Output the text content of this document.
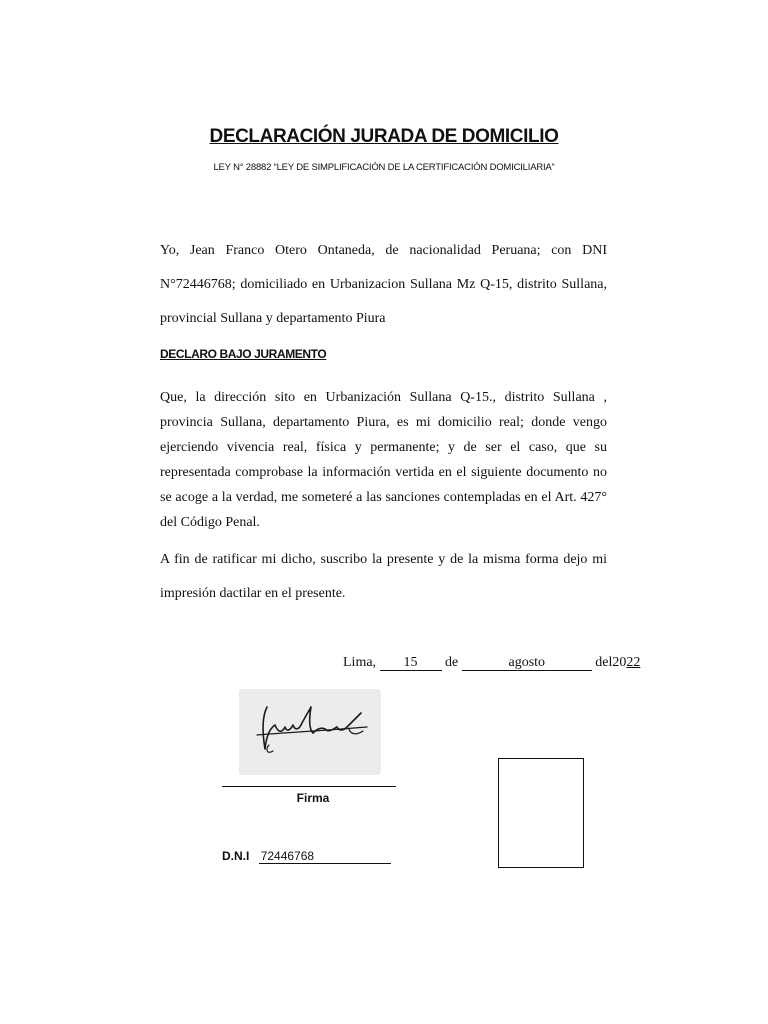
DECLARACIÓN JURADA DE DOMICILIO
LEY N° 28882 “LEY DE SIMPLIFICACIÓN DE LA CERTIFICACIÓN DOMICILIARIA”
Yo, Jean Franco Otero Ontaneda, de nacionalidad Peruana; con DNI N°72446768; domiciliado en Urbanizacion Sullana Mz Q-15, distrito Sullana, provincial Sullana y departamento Piura
DECLARO BAJO JURAMENTO
Que, la dirección sito en Urbanización Sullana Q-15., distrito Sullana , provincia Sullana, departamento Piura, es mi domicilio real; donde vengo ejerciendo vivencia real, física y permanente; y de ser el caso, que su representada comprobase la información vertida en el siguiente documento no se acoge a la verdad, me someteré a las sanciones contempladas en el Art. 427° del Código Penal.
A fin de ratificar mi dicho, suscribo la presente y de la misma forma dejo mi impresión dactilar en el presente.
Lima, 15 de	agosto	del2022
Firma
D.N.I 72446768
